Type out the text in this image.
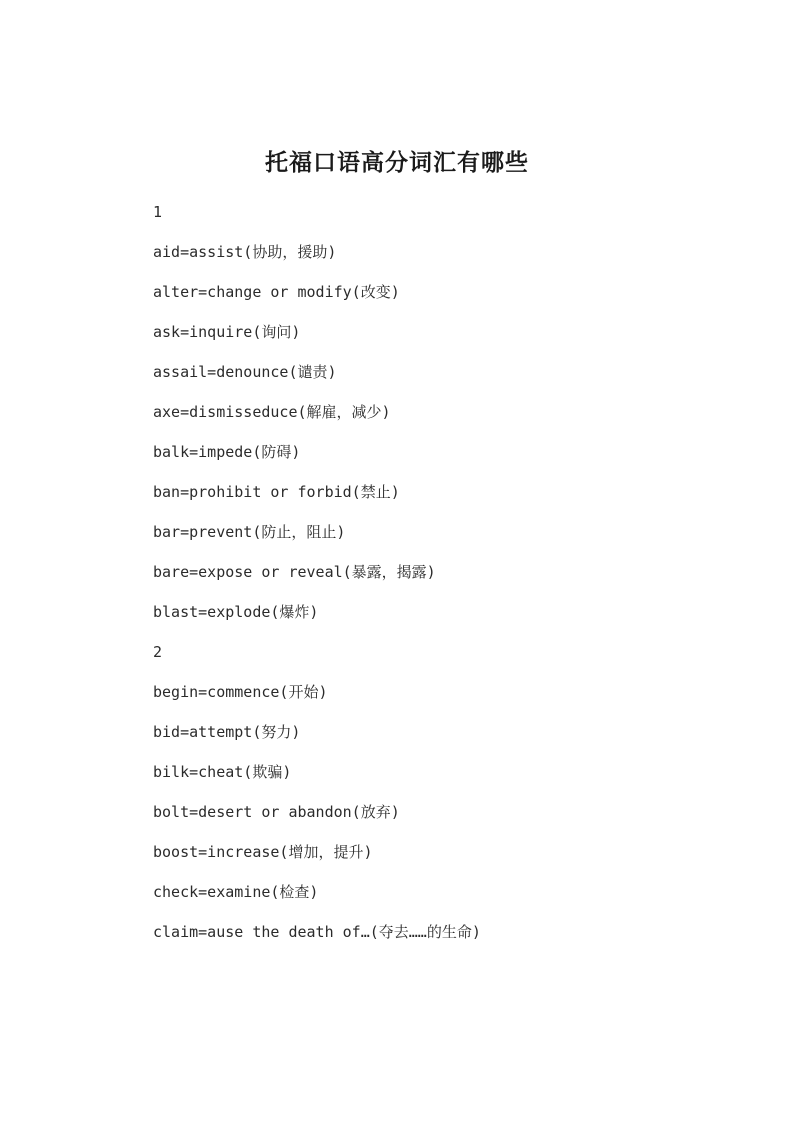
托福口语高分词汇有哪些
1
aid=assist(协助，援助)
alter=change or modify(改变)
ask=inquire(询问)
assail=denounce(谴责)
axe=dismisseduce(解雇，减少)
balk=impede(防碍)
ban=prohibit or forbid(禁止)
bar=prevent(防止，阻止)
bare=expose or reveal(暴露，揭露)
blast=explode(爆炸)
2
begin=commence(开始)
bid=attempt(努力)
bilk=cheat(欺骗)
bolt=desert or abandon(放弃)
boost=increase(增加，提升)
check=examine(检查)
claim=ause the death of…(夺去……的生命)
